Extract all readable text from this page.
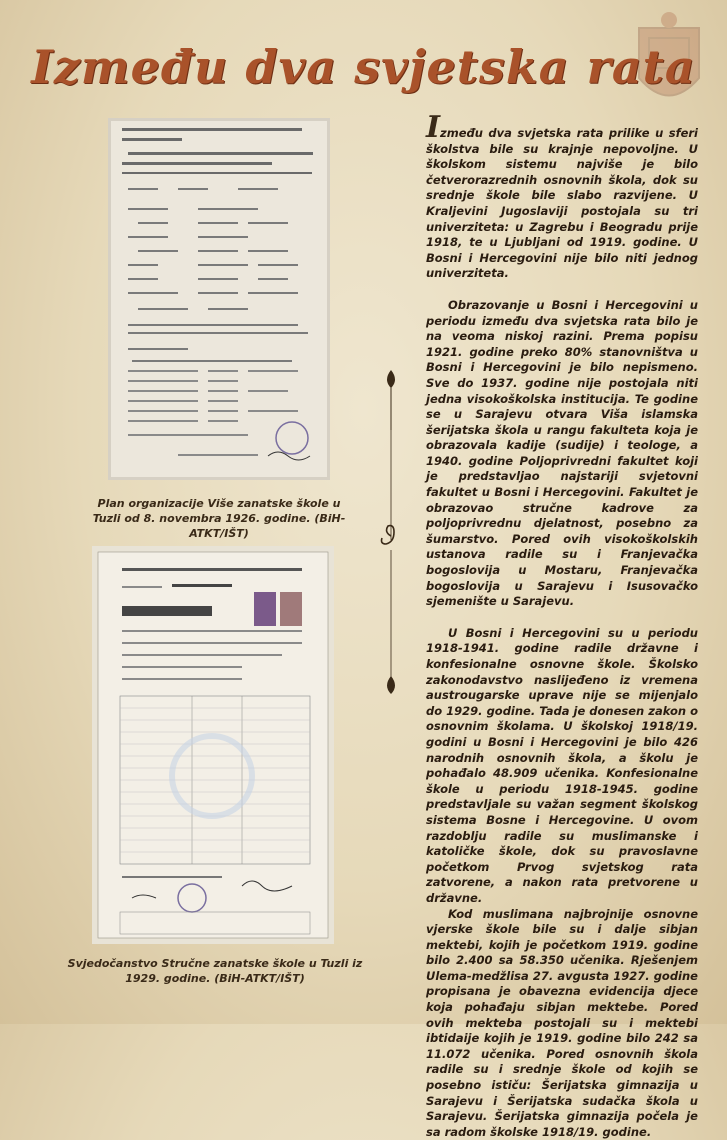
Između dva svjetska rata
Plan organizacije Više zanatske škole u Tuzli od 8. novembra 1926. godine. (BiH-ATKT/IŠT)
Svjedočanstvo Stručne zanatske škole u Tuzli iz 1929. godine. (BiH-ATKT/IŠT)

Između dva svjetska rata prilike u sferi školstva bile su krajnje nepovoljne. U školskom sistemu najviše je bilo četverorazrednih osnovnih škola, dok su srednje škole bile slabo razvijene. U Kraljevini Jugoslaviji postojala su tri univerziteta: u Zagrebu i Beogradu prije 1918, te u Ljubljani od 1919. godine. U Bosni i Hercegovini nije bilo niti jednog univerziteta.

Obrazovanje u Bosni i Hercegovini u periodu između dva svjetska rata bilo je na veoma niskoj razini. Prema popisu 1921. godine preko 80% stanovništva u Bosni i Hercegovini je bilo nepismeno. Sve do 1937. godine nije postojala niti jedna visokoškolska institucija. Te godine se u Sarajevu otvara Viša islamska šerijatska škola u rangu fakulteta koja je obrazovala kadije (sudije) i teologe, a 1940. godine Poljoprivredni fakultet koji je predstavljao najstariji svjetovni fakultet u Bosni i Hercegovini. Fakultet je obrazovao stručne kadrove za poljoprivrednu djelatnost, posebno za šumarstvo. Pored ovih visokoškolskih ustanova radile su i Franjevačka bogoslovija u Mostaru, Franjevačka bogoslovija u Sarajevu i Isusovačko sjemenište u Sarajevu.

U Bosni i Hercegovini su u periodu 1918-1941. godine radile državne i konfesionalne osnovne škole. Školsko zakonodavstvo naslijeđeno iz vremena austrougarske uprave nije se mijenjalo do 1929. godine. Tada je donesen zakon o osnovnim školama. U školskoj 1918/19. godini u Bosni i Hercegovini je bilo 426 narodnih osnovnih škola, a školu je pohađalo 48.909 učenika. Konfesionalne škole u periodu 1918-1945. godine predstavljale su važan segment školskog sistema Bosne i Hercegovine. U ovom razdoblju radile su muslimanske i katoličke škole, dok su pravoslavne početkom Prvog svjetskog rata zatvorene, a nakon rata pretvorene u državne.

Kod muslimana najbrojnije osnovne vjerske škole bile su i dalje sibjan mektebi, kojih je početkom 1919. godine bilo 2.400 sa 58.350 učenika. Rješenjem Ulema-medžlisa 27. avgusta 1927. godine propisana je obavezna evidencija djece koja pohađaju sibjan mektebe. Pored ovih mekteba postojali su i mektebi ibtidaije kojih je 1919. godine bilo 242 sa 11.072 učenika. Pored osnovnih škola radile su i srednje škole od kojih se posebno ističu: Šerijatska gimnazija u Sarajevu i Šerijatska sudačka škola u Sarajevu. Šerijatska gimnazija počela je sa radom školske 1918/19. godine.
